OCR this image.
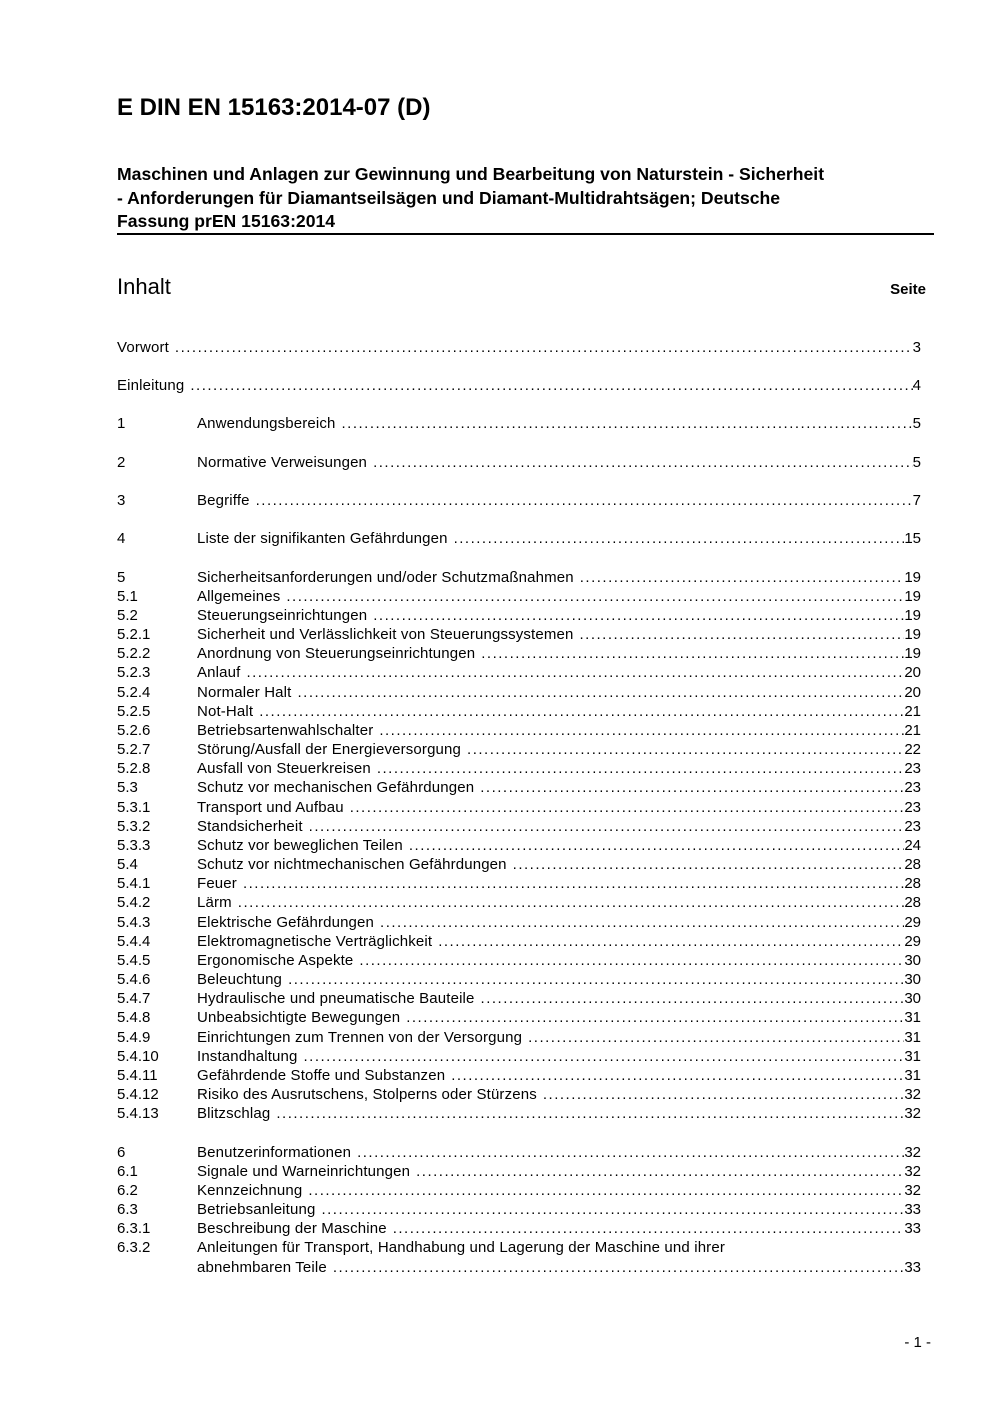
E DIN EN 15163:2014-07 (D)
Maschinen und Anlagen zur Gewinnung und Bearbeitung von Naturstein - Sicherheit
- Anforderungen für Diamantseilsägen und Diamant-Multidrahtsägen; Deutsche
Fassung prEN 15163:2014
Inhalt	Seite
Vorwort .....	3
Einleitung .....	4
1	Anwendungsbereich .....	5
2	Normative Verweisungen .....	5
3	Begriffe .....	7
4	Liste der signifikanten Gefährdungen .....	15
5	Sicherheitsanforderungen und/oder Schutzmaßnahmen .....	19
5.1	Allgemeines .....	19
5.2	Steuerungseinrichtungen .....	19
5.2.1	Sicherheit und Verlässlichkeit von Steuerungssystemen .....	19
5.2.2	Anordnung von Steuerungseinrichtungen .....	19
5.2.3	Anlauf .....	20
5.2.4	Normaler Halt .....	20
5.2.5	Not-Halt .....	21
5.2.6	Betriebsartenwahlschalter .....	21
5.2.7	Störung/Ausfall der Energieversorgung .....	22
5.2.8	Ausfall von Steuerkreisen .....	23
5.3	Schutz vor mechanischen Gefährdungen .....	23
5.3.1	Transport und Aufbau .....	23
5.3.2	Standsicherheit .....	23
5.3.3	Schutz vor beweglichen Teilen .....	24
5.4	Schutz vor nichtmechanischen Gefährdungen .....	28
5.4.1	Feuer .....	28
5.4.2	Lärm .....	28
5.4.3	Elektrische Gefährdungen .....	29
5.4.4	Elektromagnetische Verträglichkeit .....	29
5.4.5	Ergonomische Aspekte .....	30
5.4.6	Beleuchtung .....	30
5.4.7	Hydraulische und pneumatische Bauteile .....	30
5.4.8	Unbeabsichtigte Bewegungen .....	31
5.4.9	Einrichtungen zum Trennen von der Versorgung .....	31
5.4.10	Instandhaltung .....	31
5.4.11	Gefährdende Stoffe und Substanzen .....	31
5.4.12	Risiko des Ausrutschens, Stolperns oder Stürzens .....	32
5.4.13	Blitzschlag .....	32
6	Benutzerinformationen .....	32
6.1	Signale und Warneinrichtungen .....	32
6.2	Kennzeichnung .....	32
6.3	Betriebsanleitung .....	33
6.3.1	Beschreibung der Maschine .....	33
6.3.2	Anleitungen für Transport, Handhabung und Lagerung der Maschine und ihrer
abnehmbaren Teile .....	33
- 1 -
